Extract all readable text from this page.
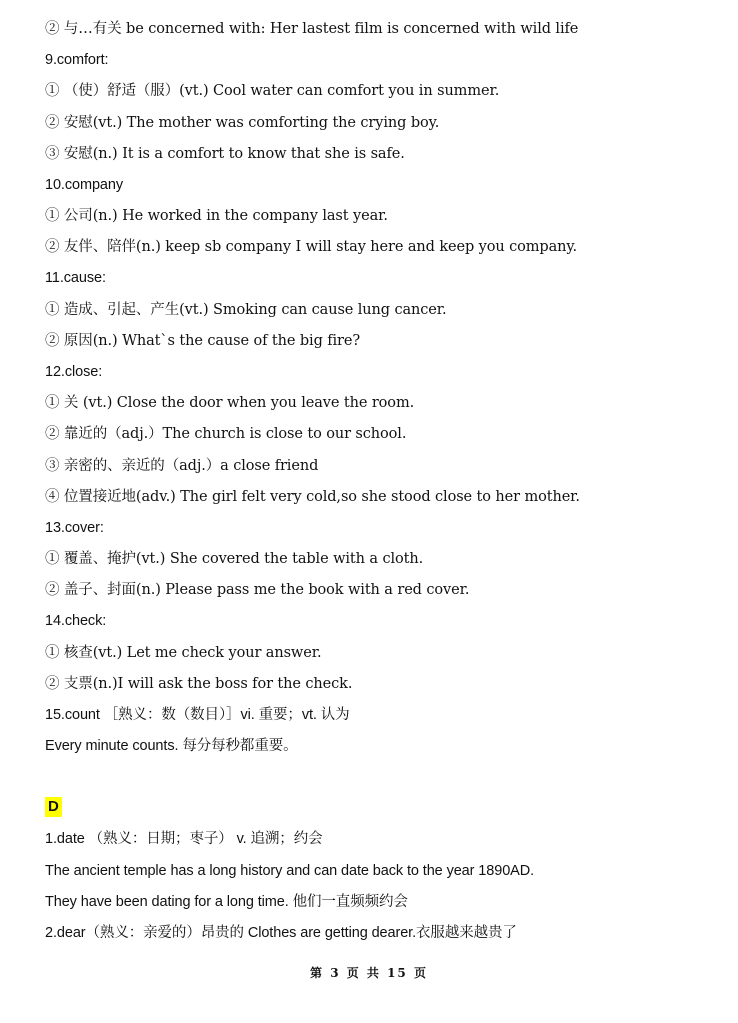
② 与…有关 be concerned with: Her lastest film is concerned with wild life
9.comfort:
① （使）舒适（服）(vt.) Cool water can comfort you in summer.
② 安慰(vt.) The mother was comforting the crying boy.
③ 安慰(n.) It is a comfort to know that she is safe.
10.company
① 公司(n.) He worked in the company last year.
② 友伴、陪伴(n.) keep sb company I will stay here and keep you company.
11.cause:
① 造成、引起、产生(vt.) Smoking can cause lung cancer.
② 原因(n.) What`s the cause of the big fire?
12.close:
① 关 (vt.) Close the door when you leave the room.
② 靠近的（adj.）The church is close to our school.
③ 亲密的、亲近的（adj.）a close friend
④ 位置接近地(adv.) The girl felt very cold,so she stood close to her mother.
13.cover:
① 覆盖、掩护(vt.) She covered the table with a cloth.
② 盖子、封面(n.) Please pass me the book with a red cover.
14.check:
① 核查(vt.) Let me check your answer.
② 支票(n.)I will ask the boss for the check.
15.count ［熟义：数（数目）］vi. 重要；vt. 认为
Every minute counts. 每分每秒都重要。
D
1.date （熟义：日期；枣子） v. 追溯；约会
The ancient temple has a long history and can date back to the year 1890AD.
They have been dating for a long time. 他们一直频频约会
2.dear（熟义：亲爱的）昂贵的 Clothes are getting dearer.衣服越来越贵了
第 3 页 共 15 页
